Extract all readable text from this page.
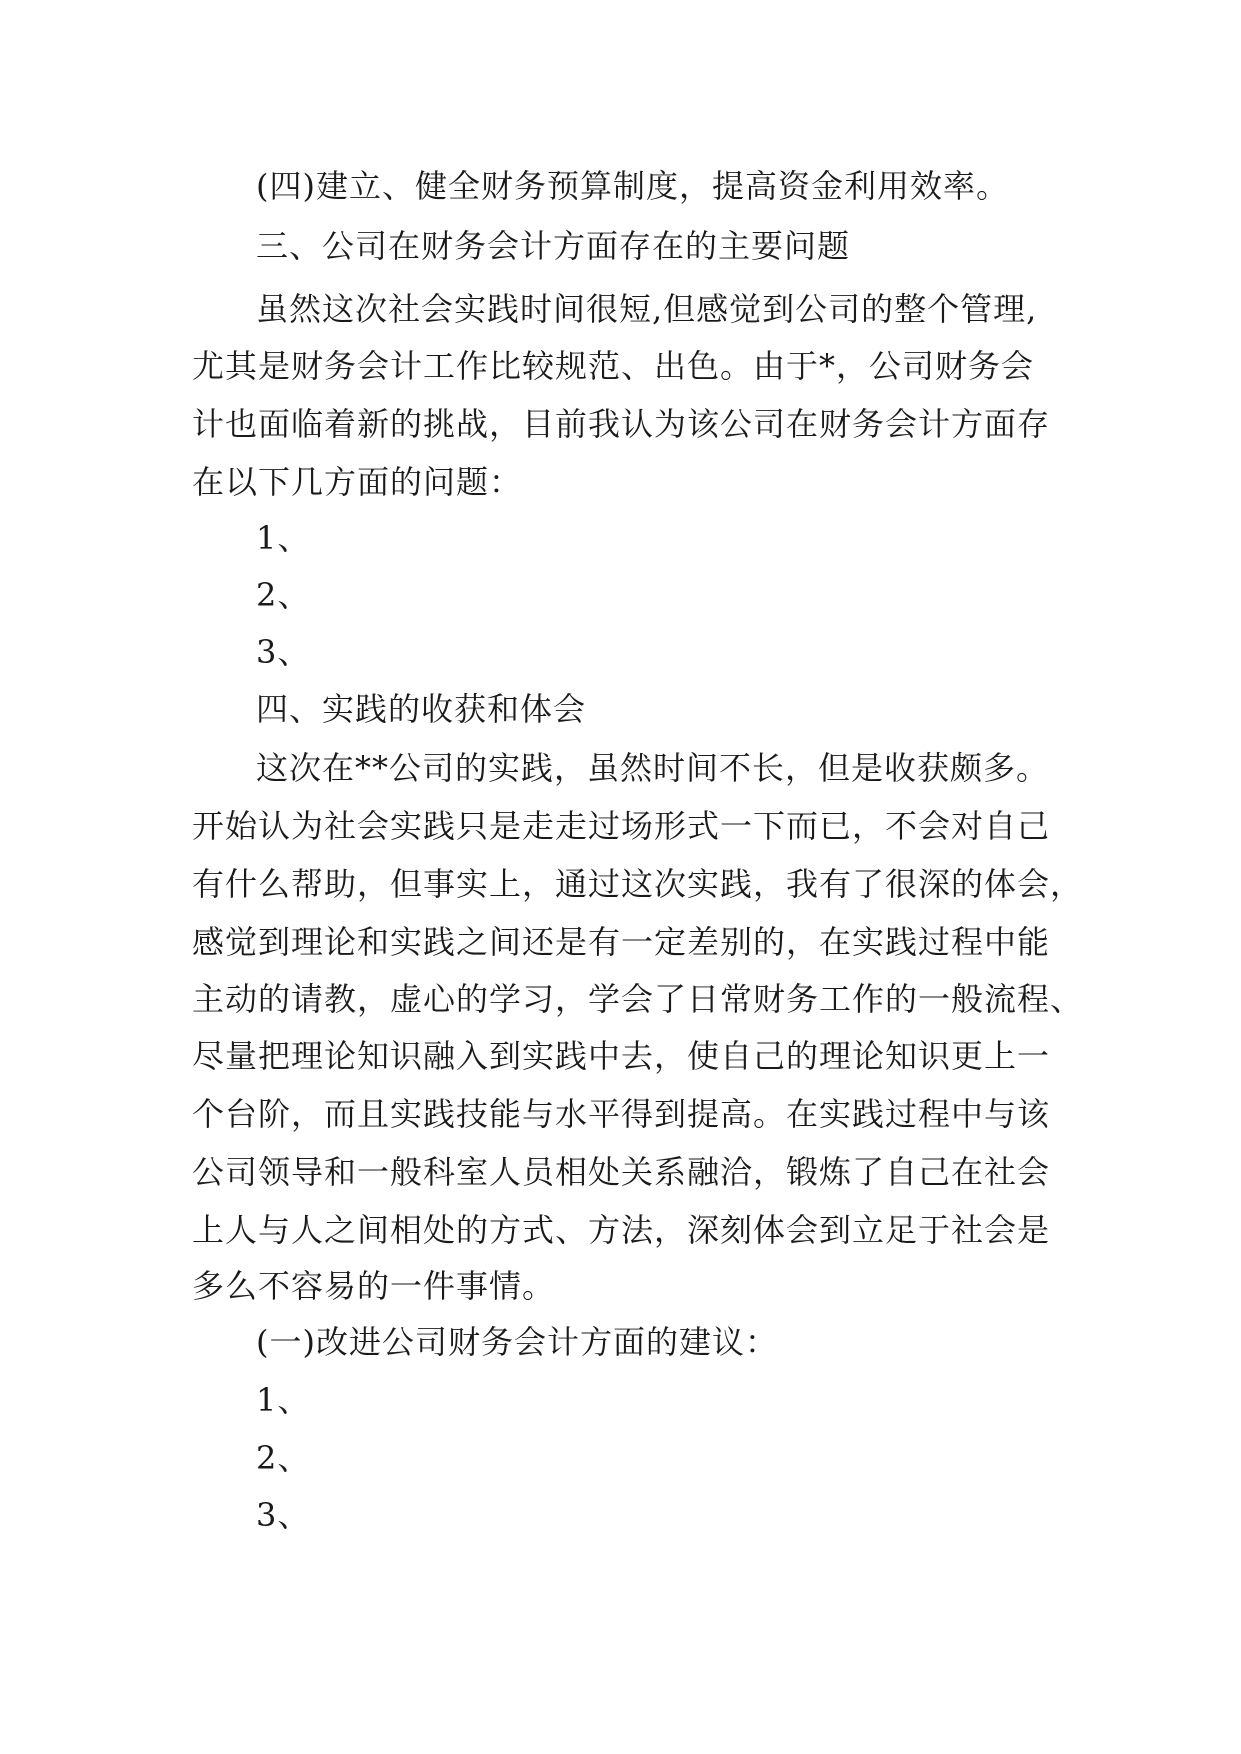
(四)建立、健全财务预算制度，提高资金利用效率。
三、公司在财务会计方面存在的主要问题
虽然这次社会实践时间很短,但感觉到公司的整个管理,
尤其是财务会计工作比较规范、出色。由于*，公司财务会
计也面临着新的挑战，目前我认为该公司在财务会计方面存
在以下几方面的问题：
1、
2、
3、
四、实践的收获和体会
这次在**公司的实践，虽然时间不长，但是收获颇多。
开始认为社会实践只是走走过场形式一下而已，不会对自己
有什么帮助，但事实上，通过这次实践，我有了很深的体会，
感觉到理论和实践之间还是有一定差别的，在实践过程中能
主动的请教，虚心的学习，学会了日常财务工作的一般流程、
尽量把理论知识融入到实践中去，使自己的理论知识更上一
个台阶，而且实践技能与水平得到提高。在实践过程中与该
公司领导和一般科室人员相处关系融洽，锻炼了自己在社会
上人与人之间相处的方式、方法，深刻体会到立足于社会是
多么不容易的一件事情。
(一)改进公司财务会计方面的建议：
1、
2、
3、
